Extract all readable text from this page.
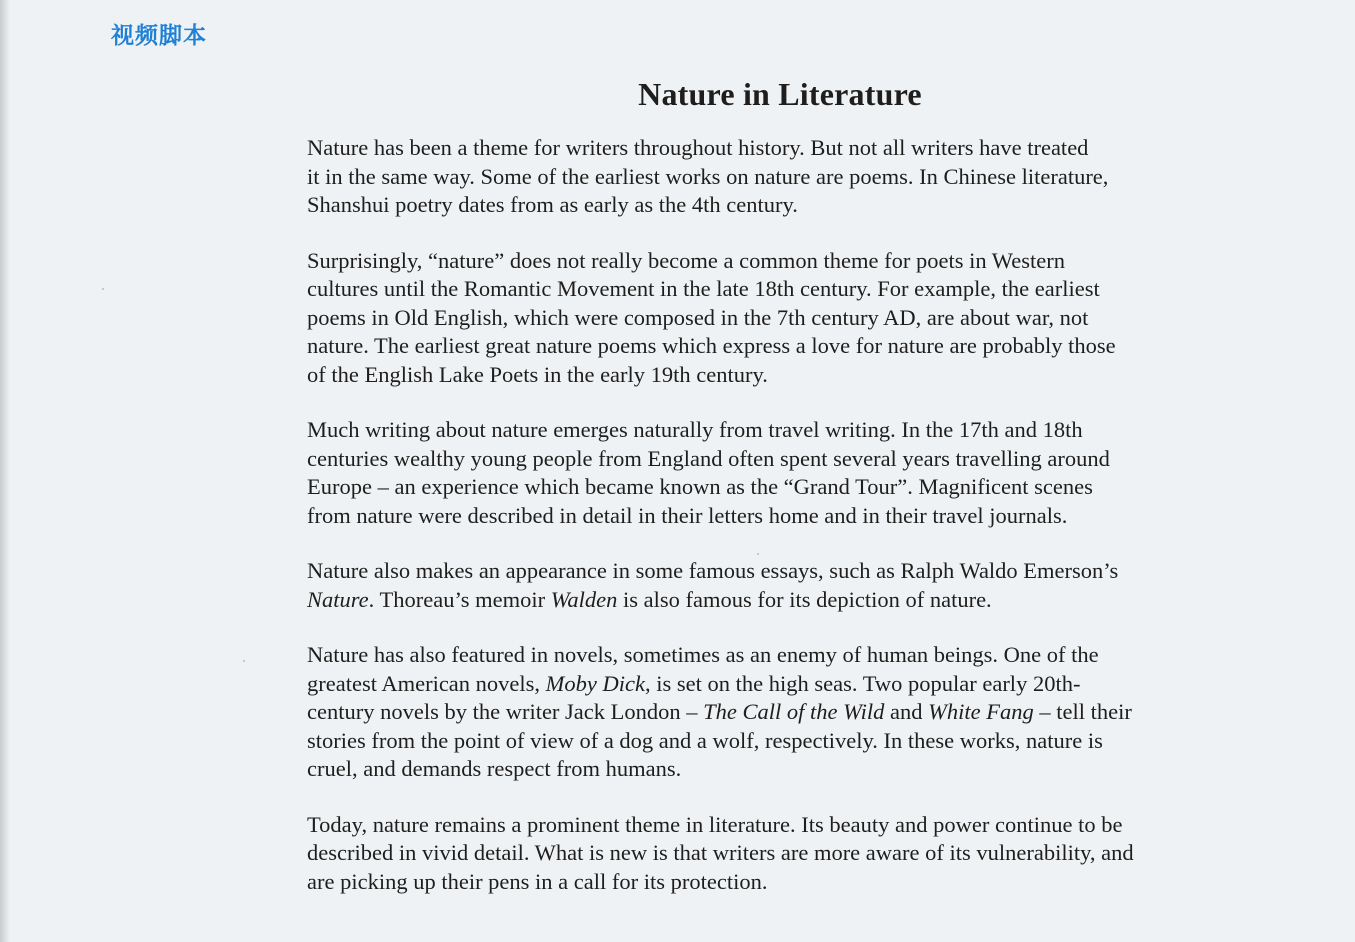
视频脚本
Nature in Literature

Nature has been a theme for writers throughout history. But not all writers have treated
it in the same way. Some of the earliest works on nature are poems. In Chinese literature,
Shanshui poetry dates from as early as the 4th century.

Surprisingly, “nature” does not really become a common theme for poets in Western
cultures until the Romantic Movement in the late 18th century. For example, the earliest
poems in Old English, which were composed in the 7th century AD, are about war, not
nature. The earliest great nature poems which express a love for nature are probably those
of the English Lake Poets in the early 19th century.

Much writing about nature emerges naturally from travel writing. In the 17th and 18th
centuries wealthy young people from England often spent several years travelling around
Europe – an experience which became known as the “Grand Tour”. Magnificent scenes
from nature were described in detail in their letters home and in their travel journals.

Nature also makes an appearance in some famous essays, such as Ralph Waldo Emerson’s
Nature. Thoreau’s memoir Walden is also famous for its depiction of nature.

Nature has also featured in novels, sometimes as an enemy of human beings. One of the
greatest American novels, Moby Dick, is set on the high seas. Two popular early 20th-
century novels by the writer Jack London – The Call of the Wild and White Fang – tell their
stories from the point of view of a dog and a wolf, respectively. In these works, nature is
cruel, and demands respect from humans.

Today, nature remains a prominent theme in literature. Its beauty and power continue to be
described in vivid detail. What is new is that writers are more aware of its vulnerability, and
are picking up their pens in a call for its protection.
